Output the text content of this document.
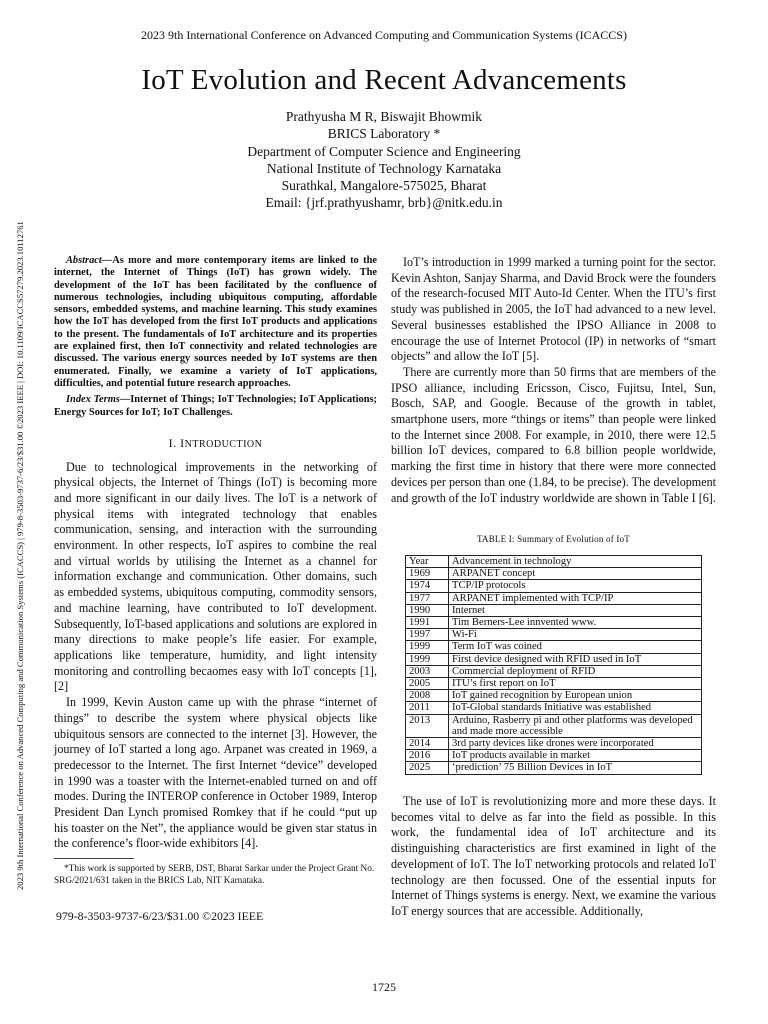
2023 9th International Conference on Advanced Computing and Communication Systems (ICACCS)
IoT Evolution and Recent Advancements
Prathyusha M R, Biswajit Bhowmik
BRICS Laboratory *
Department of Computer Science and Engineering
National Institute of Technology Karnataka
Surathkal, Mangalore-575025, Bharat
Email: {jrf.prathyushamr, brb}@nitk.edu.in
2023 9th International Conference on Advanced Computing and Communication Systems (ICACCS) | 979-8-3503-9737-6/23/$31.00 ©2023 IEEE | DOI: 10.1109/ICACCS57279.2023.10112761	Abstract—As more and more contemporary items are linked to the internet, the Internet of Things (IoT) has grown widely. The development of the IoT has been facilitated by the confluence of numerous technologies, including ubiquitous computing, affordable sensors, embedded systems, and machine learning. This study examines how the IoT has developed from the first IoT products and applications to the present. The fundamentals of IoT architecture and its properties are explained first, then IoT connectivity and related technologies are discussed. The various energy sources needed by IoT systems are then enumerated. Finally, we examine a variety of IoT applications, difficulties, and potential future research approaches.

Index Terms—Internet of Things; IoT Technologies; IoT Applications; Energy Sources for IoT; IoT Challenges.

I. INTRODUCTION

Due to technological improvements in the networking of physical objects, the Internet of Things (IoT) is becoming more and more significant in our daily lives. The IoT is a network of physical items with integrated technology that enables communication, sensing, and interaction with the surrounding environment. In other respects, IoT aspires to combine the real and virtual worlds by utilising the Internet as a channel for information exchange and communication. Other domains, such as embedded systems, ubiquitous computing, commodity sensors, and machine learning, have contributed to IoT development. Subsequently, IoT-based applications and solutions are explored in many directions to make people’s life easier. For example, applications like temperature, humidity, and light intensity monitoring and controlling becaomes easy with IoT concepts [1], [2]

In 1999, Kevin Auston came up with the phrase “internet of things” to describe the system where physical objects like ubiquitous sensors are connected to the internet [3]. However, the journey of IoT started a long ago. Arpanet was created in 1969, a predecessor to the Internet. The first Internet “device” developed in 1990 was a toaster with the Internet-enabled turned on and off modes. During the INTEROP conference in October 1989, Interop President Dan Lynch promised Romkey that if he could “put up his toaster on the Net”, the appliance would be given star status in the conference’s floor-wide exhibitors [4].

*This work is supported by SERB, DST, Bharat Sarkar under the Project Grant No. SRG/2021/631 taken in the BRICS Lab, NIT Karnataka.

979-8-3503-9737-6/23/$31.00 ©2023 IEEE

IoT’s introduction in 1999 marked a turning point for the sector. Kevin Ashton, Sanjay Sharma, and David Brock were the founders of the research-focused MIT Auto-Id Center. When the ITU’s first study was published in 2005, the IoT had advanced to a new level. Several businesses established the IPSO Alliance in 2008 to encourage the use of Internet Protocol (IP) in networks of “smart objects” and allow the IoT [5].

There are currently more than 50 firms that are members of the IPSO alliance, including Ericsson, Cisco, Fujitsu, Intel, Sun, Bosch, SAP, and Google. Because of the growth in tablet, smartphone users, more “things or items” than people were linked to the Internet since 2008. For example, in 2010, there were 12.5 billion IoT devices, compared to 6.8 billion people worldwide, marking the first time in history that there were more connected devices per person than one (1.84, to be precise). The development and growth of the IoT industry worldwide are shown in Table I [6].

TABLE I: Summary of Evolution of IoT
Year	Advancement in technology
1969	ARPANET concept
1974	TCP/IP protocols
1977	ARPANET implemented with TCP/IP
1990	Internet
1991	Tim Berners-Lee innvented www.
1997	Wi-Fi
1999	Term IoT was coined
1999	First device designed with RFID used in IoT
2003	Commercial deployment of RFID
2005	ITU’s first report on IoT
2008	IoT gained recognition by European union
2011	IoT-Global standards Initiative was established
2013	Arduino, Rasberry pi and other platforms was developed and made more accessible
2014	3rd party devices like drones were incorporated
2016	IoT products available in market
2025	‘prediction’ 75 Billion Devices in IoT

The use of IoT is revolutionizing more and more these days. It becomes vital to delve as far into the field as possible. In this work, the fundamental idea of IoT architecture and its distinguishing characteristics are first examined in light of the development of IoT. The IoT networking protocols and related IoT technology are then focussed. One of the essential inputs for Internet of Things systems is energy. Next, we examine the various IoT energy sources that are accessible. Additionally,

1725
